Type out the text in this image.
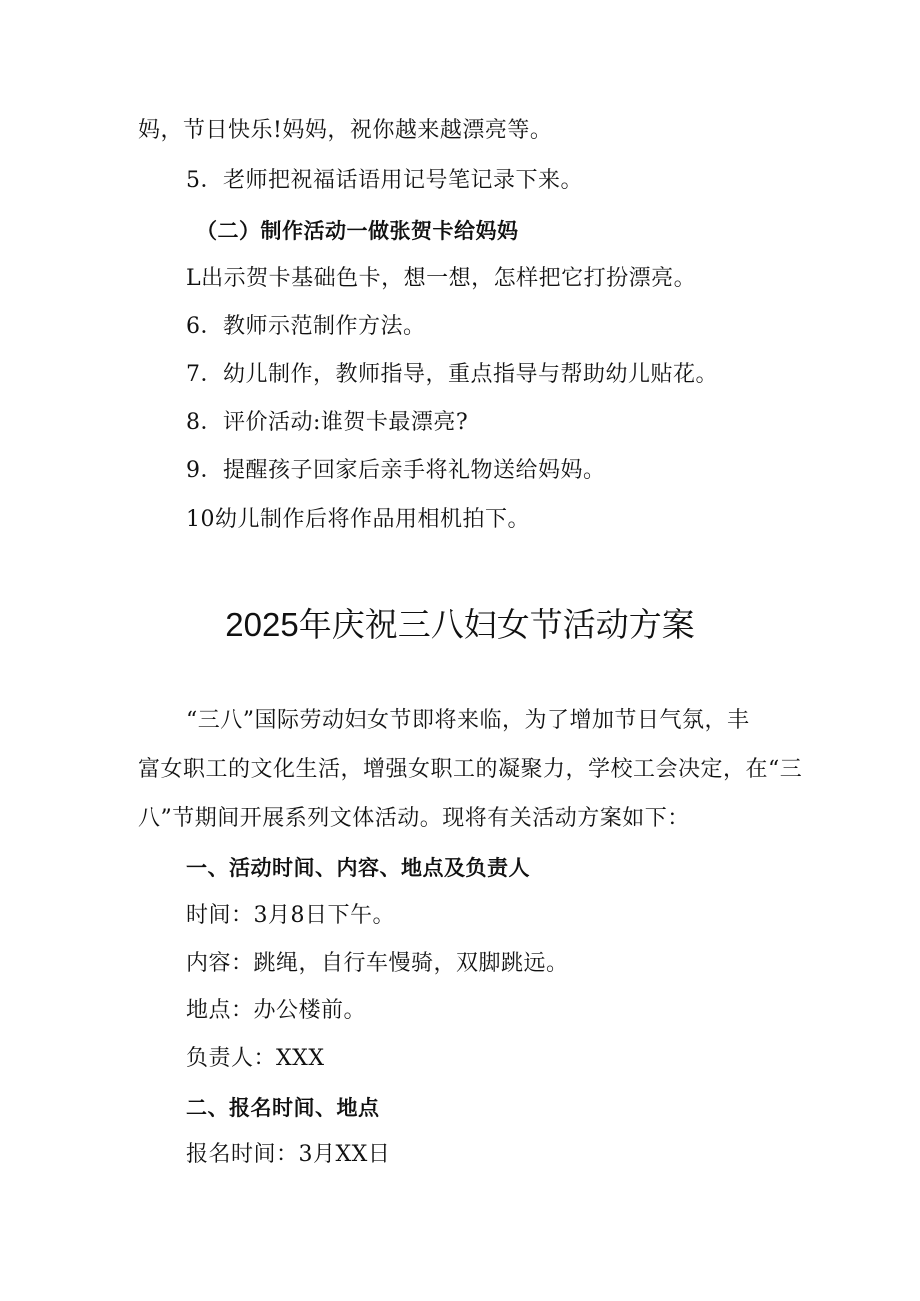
妈，节日快乐!妈妈，祝你越来越漂亮等。
5．老师把祝福话语用记号笔记录下来。
（二）制作活动一做张贺卡给妈妈
L出示贺卡基础色卡，想一想，怎样把它打扮漂亮。
6．教师示范制作方法。
7．幼儿制作，教师指导，重点指导与帮助幼儿贴花。
8．评价活动:谁贺卡最漂亮?
9．提醒孩子回家后亲手将礼物送给妈妈。
10幼儿制作后将作品用相机拍下。
2025年庆祝三八妇女节活动方案
“三八”国际劳动妇女节即将来临，为了增加节日气氛，丰
富女职工的文化生活，增强女职工的凝聚力，学校工会决定，在“三
八”节期间开展系列文体活动。现将有关活动方案如下：
一、活动时间、内容、地点及负责人
时间：3月8日下午。
内容：跳绳，自行车慢骑，双脚跳远。
地点：办公楼前。
负责人：XXX
二、报名时间、地点
报名时间：3月XX日
